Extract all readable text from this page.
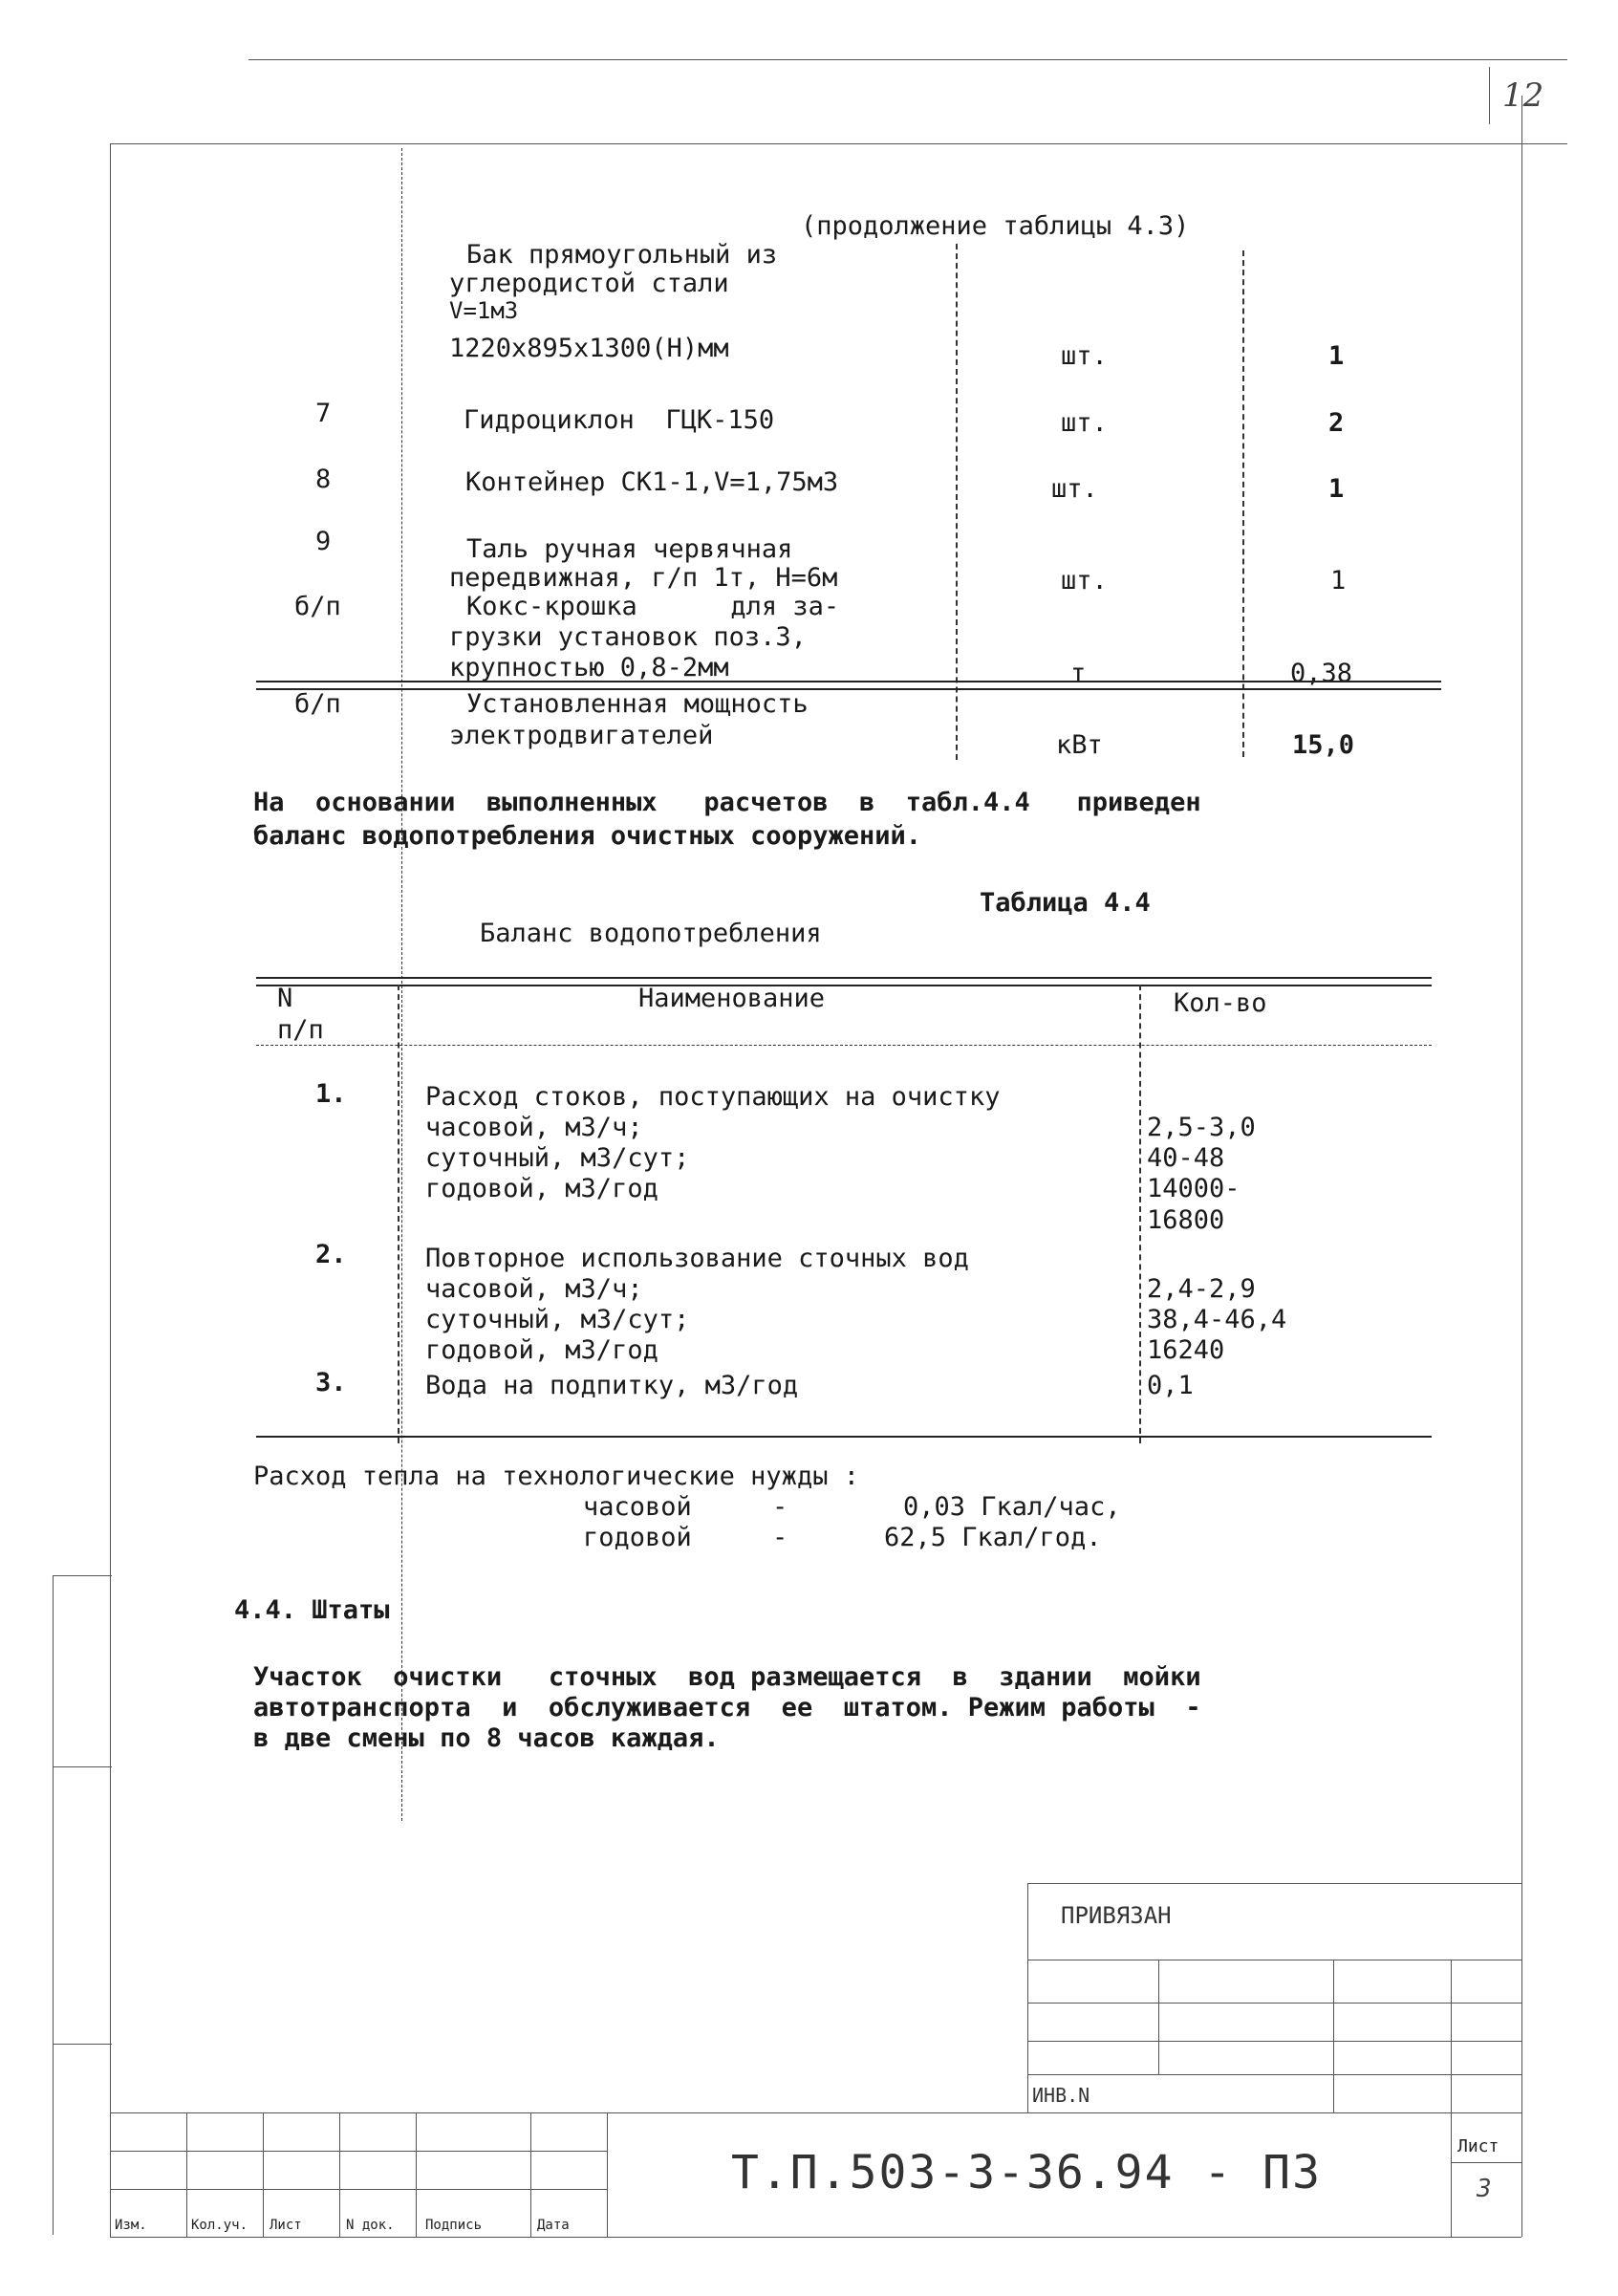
12
(продолжение таблицы 4.3)
Бак прямоугольный из
углеродистой стали
V=1м3
1220x895x1300(H)мм	шт.	1
7	Гидроциклон  ГЦК-150	шт.	2
8	Контейнер СК1-1,V=1,75м3	шт.	1
9	Таль ручная червячная
передвижная, г/п 1т, Н=6м	шт.	1
б/п	Кокс-крошка      для за-
грузки установок поз.3,
крупностью 0,8-2мм	т	0,38
б/п	Установленная мощность
электродвигателей	кВт	15,0
На  основании  выполненных   расчетов  в  табл.4.4   приведен
баланс водопотребления очистных сооружений.
Таблица 4.4
Баланс водопотребления
N
п/п
Наименование	Кол-во
1.	Расход стоков, поступающих на очистку
часовой, м3/ч;	2,5-3,0
суточный, м3/сут;	40-48
годовой, м3/год	14000-
16800
2.	Повторное использование сточных вод
часовой, м3/ч;	2,4-2,9
суточный, м3/сут;	38,4-46,4
годовой, м3/год	16240
3.	Вода на подпитку, м3/год	0,1
Расход тепла на технологические нужды :
часовой	-	0,03 Гкал/час,
годовой	-	62,5 Гкал/год.
4.4. Штаты
Участок  очистки   сточных  вод размещается  в  здании  мойки
автотранспорта  и  обслуживается  ее  штатом. Режим работы  -
в две смены по 8 часов каждая.
ПРИВЯЗАН
ИНВ.N
Изм.	Кол.уч. Лист	N док. Подпись	Дата
Т.П.503-3-36.94 - ПЗ	Лист
3
